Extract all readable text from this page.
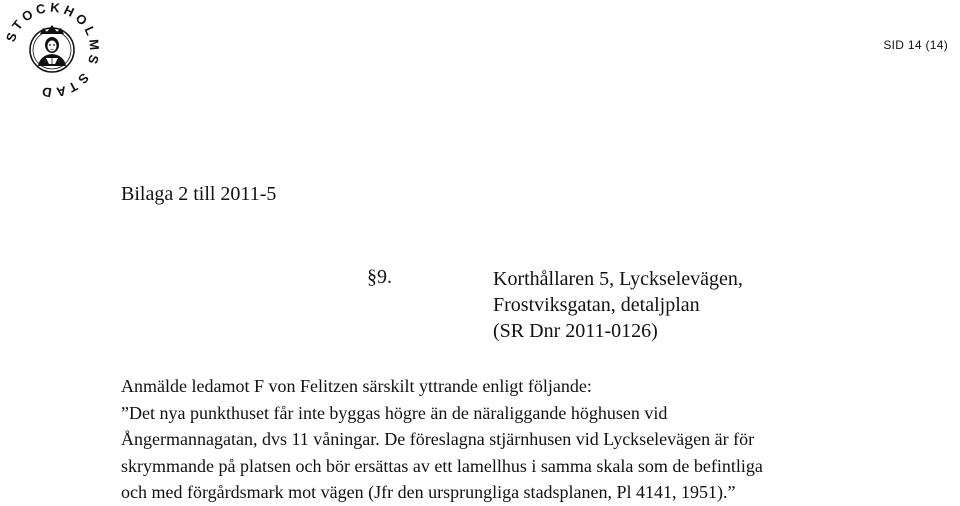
STOCKHOLMS STAD
SID 14 (14)
Bilaga 2 till 2011-5
§9.	Korthållaren 5, Lyckselevägen,
Frostviksgatan, detaljplan
(SR Dnr 2011-0126)
Anmälde ledamot F von Felitzen särskilt yttrande enligt följande:
”Det nya punkthuset får inte byggas högre än de näraliggande höghusen vid
Ångermannagatan, dvs 11 våningar. De föreslagna stjärnhusen vid Lyckselevägen är för
skrymmande på platsen och bör ersättas av ett lamellhus i samma skala som de befintliga
och med förgårdsmark mot vägen (Jfr den ursprungliga stadsplanen, Pl 4141, 1951).”
